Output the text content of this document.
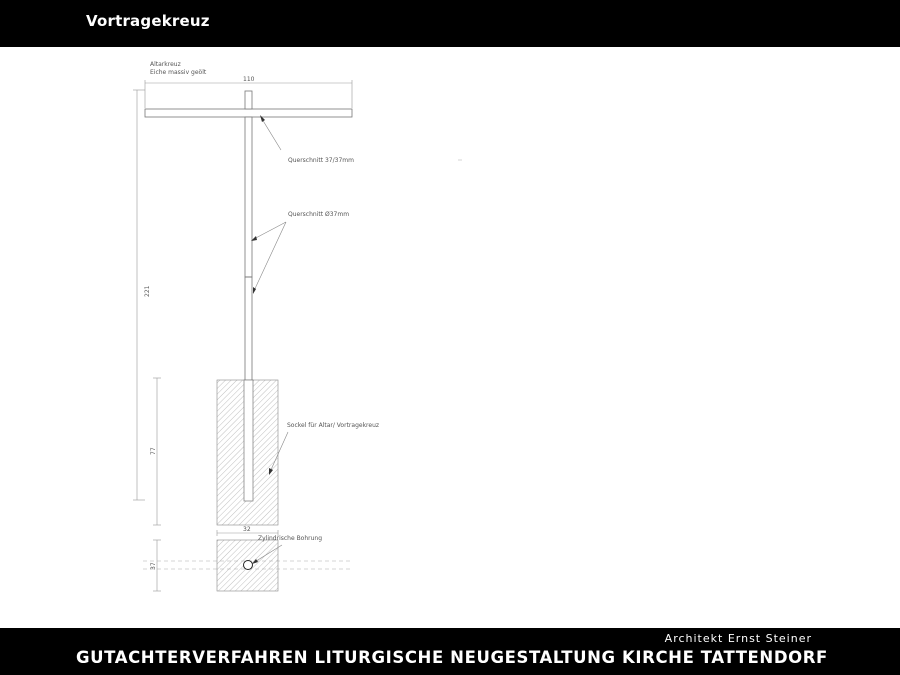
Vortragekreuz
Altarkreuz
Eiche massiv geölt
110
221
77
32
37
Querschnitt 37/37mm
Querschnitt Ø37mm
Sockel für Altar/ Vortragekreuz
Zylindrische Bohrung
Architekt Ernst Steiner
GUTACHTERVERFAHREN LITURGISCHE NEUGESTALTUNG KIRCHE TATTENDORF
